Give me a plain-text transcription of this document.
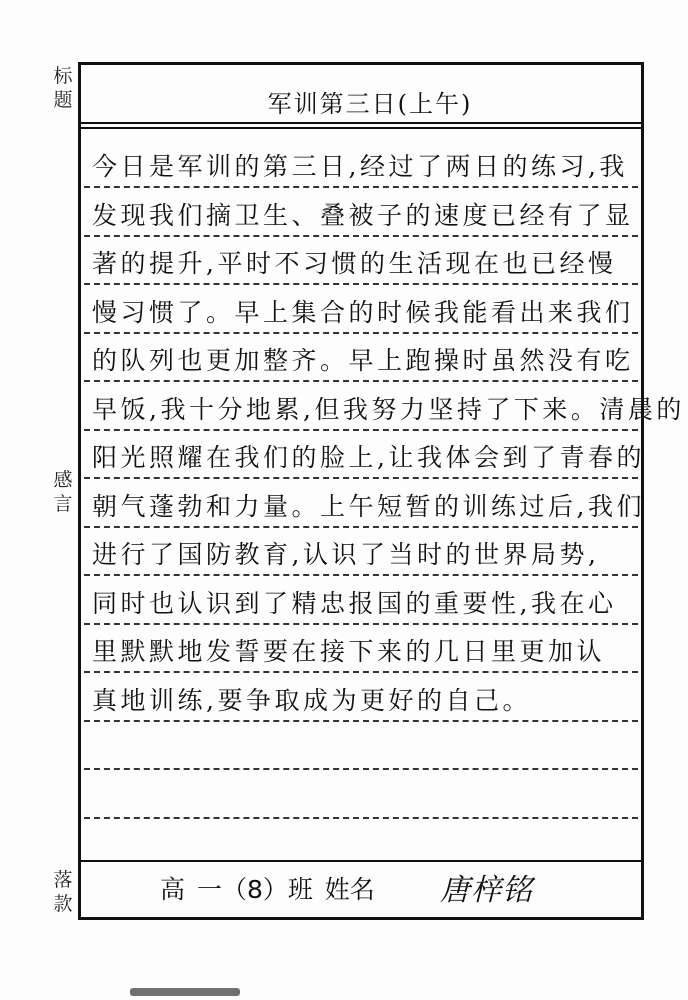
标
题
感
言
落
款
军训第三日(上午)
今日是军训的第三日,经过了两日的练习,我
发现我们摘卫生、叠被子的速度已经有了显
著的提升,平时不习惯的生活现在也已经慢
慢习惯了。早上集合的时候我能看出来我们
的队列也更加整齐。早上跑操时虽然没有吃
早饭,我十分地累,但我努力坚持了下来。清晨的
阳光照耀在我们的脸上,让我体会到了青春的
朝气蓬勃和力量。上午短暂的训练过后,我们
进行了国防教育,认识了当时的世界局势,
同时也认识到了精忠报国的重要性,我在心
里默默地发誓要在接下来的几日里更加认
真地训练,要争取成为更好的自己。
高 一（8）班 姓名 唐梓铭
